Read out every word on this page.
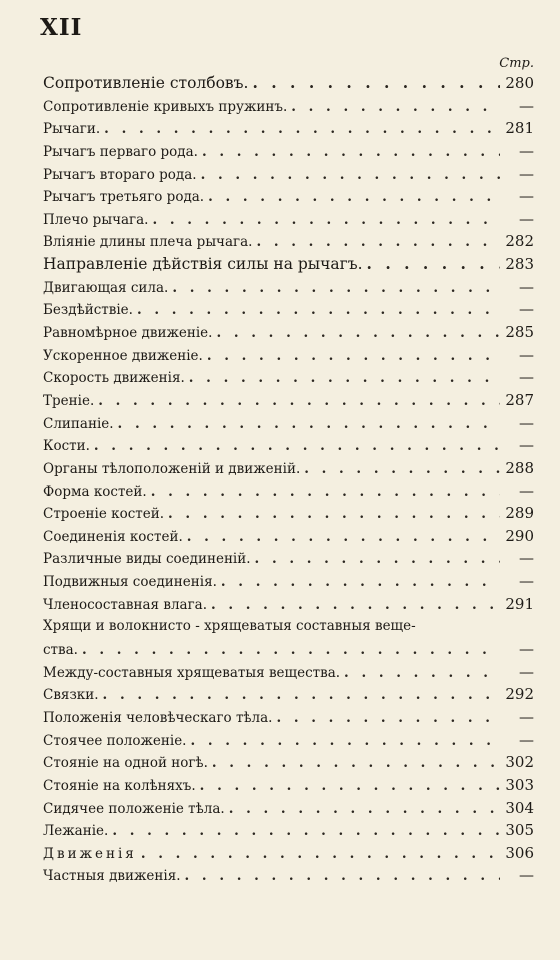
XII
Стр.
Сопротивленіе столбовъ. . . .	280
Сопротивленіе кривыхъ пружинъ. . . .	—
Рычаги. . . .	281
Рычагъ перваго рода. . . .	—
Рычагъ втораго рода. . . .	—
Рычагъ третьяго рода. . . .	—
Плечо рычага. . . .	—
Вліяніе длины плеча рычага. . . .	282
Направленіе дѣйствія силы на рычагъ. . . .	283
Двигающая сила. . . .	—
Бездѣйствіе. . . .	—
Равномѣрное движеніе. . . .	285
Ускоренное движеніе. . . .	—
Скорость движенія. . . .	—
Треніе. . . .	287
Слипаніе. . . .	—
Кости. . . .	—
Органы тѣлоположеній и движеній. . . .	288
Форма костей. . . .	—
Строеніе костей. . . .	289
Соединенія костей. . . .	290
Различные виды соединеній. . . .	—
Подвижныя соединенія. . . .	—
Членосоставная влага. . . .	291
Хрящи и волокнисто - хрящеватыя составныя веще-
ства. . . .	—
Между-составныя хрящеватыя вещества. . . .	—
Связки. . . .	292
Положенія человѣческаго тѣла. . . .	—
Стоячее положеніе. . . .	—
Стояніе на одной ногѣ. . . .	302
Стояніе на колѣняхъ. . . .	303
Сидячее положеніе тѣла. . . .	304
Лежаніе. . . .	305
Движенія . . .	306
Частныя движенія. . . .	—
